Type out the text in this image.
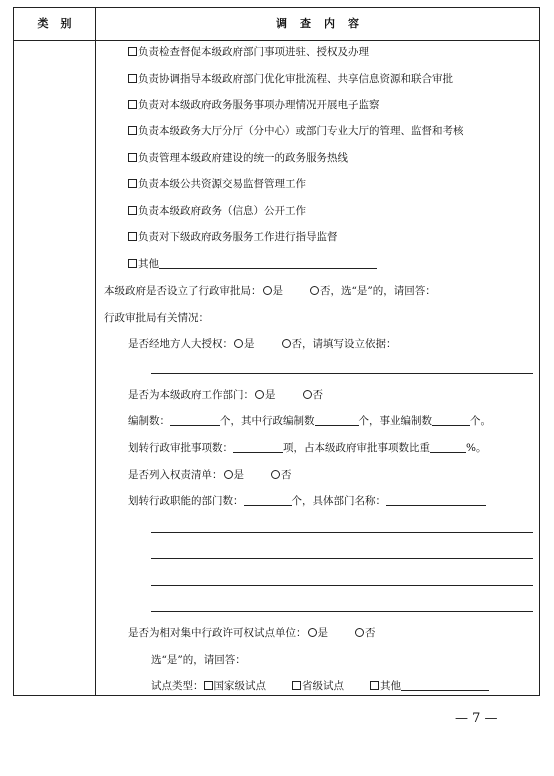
类别	调查内容
负责检查督促本级政府部门事项进驻、授权及办理
负责协调指导本级政府部门优化审批流程、共享信息资源和联合审批
负责对本级政府政务服务事项办理情况开展电子监察
负责本级政务大厅分厅（分中心）或部门专业大厅的管理、监督和考核
负责管理本级政府建设的统一的政务服务热线
负责本级公共资源交易监督管理工作
负责本级政府政务（信息）公开工作
负责对下级政府政务服务工作进行指导监督
其他
本级政府是否设立了行政审批局： 是	否，选“是”的，请回答：
行政审批局有关情况：
是否经地方人大授权： 是	否，请填写设立依据：
是否为本级政府工作部门： 是	否
编制数：	个，其中行政编制数	个，事业编制数	个。
划转行政审批事项数：	项，占本级政府审批事项数比重	%。
是否列入权责清单： 是	否
划转行政职能的部门数：	个，具体部门名称：
是否为相对集中行政许可权试点单位： 是	否
选“是”的，请回答：
试点类型： 国家级试点	省级试点	其他
— 7 —
